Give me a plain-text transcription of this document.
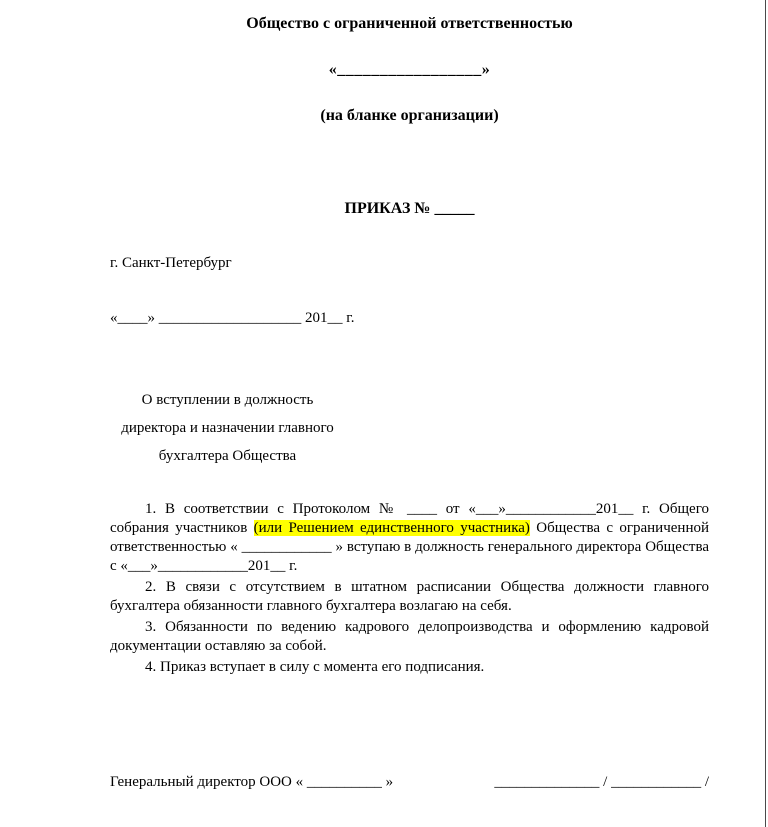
Общество с ограниченной ответственностью

«_________________»

(на бланке организации)

ПРИКАЗ № _____

г. Санкт-Петербург

«____» ___________________ 201__ г.

О вступлении в должность
директора и назначении главного
бухгалтера Общества

1. В соответствии с Протоколом № ____ от «___»____________201__ г. Общего собрания участников (или Решением единственного участника) Общества с ограниченной ответственностью « ____________ » вступаю в должность генерального директора Общества с «___»____________201__ г.

2. В связи с отсутствием в штатном расписании Общества должности главного бухгалтера обязанности главного бухгалтера возлагаю на себя.

3. Обязанности по ведению кадрового делопроизводства и оформлению кадровой документации оставляю за собой.

4. Приказ вступает в силу с момента его подписания.

Генеральный директор ООО « __________ »	______________ / ____________ /
